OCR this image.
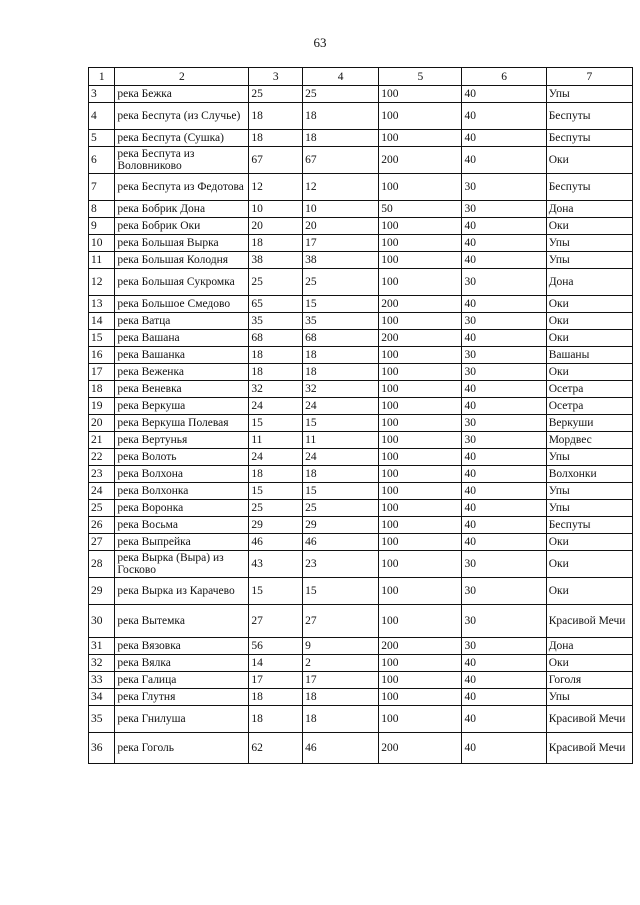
63
1	2	3	4	5	6	7
3	река Бежка	25	25	100	40	Упы
4	река Беспута (из Случье)	18	18	100	40	Беспуты
5	река Беспута (Сушка)	18	18	100	40	Беспуты
6	река Беспута из Воловниково	67	67	200	40	Оки
7	река Беспута из Федотова	12	12	100	30	Беспуты
8	река Бобрик Дона	10	10	50	30	Дона
9	река Бобрик Оки	20	20	100	40	Оки
10	река Большая Вырка	18	17	100	40	Упы
11	река Большая Колодня	38	38	100	40	Упы
12	река Большая Сукромка	25	25	100	30	Дона
13	река Большое Смедово	65	15	200	40	Оки
14	река Ватца	35	35	100	30	Оки
15	река Вашана	68	68	200	40	Оки
16	река Вашанка	18	18	100	30	Вашаны
17	река Веженка	18	18	100	30	Оки
18	река Веневка	32	32	100	40	Осетра
19	река Веркуша	24	24	100	40	Осетра
20	река Веркуша Полевая	15	15	100	30	Веркуши
21	река Вертунья	11	11	100	30	Мордвес
22	река Волоть	24	24	100	40	Упы
23	река Волхона	18	18	100	40	Волхонки
24	река Волхонка	15	15	100	40	Упы
25	река Воронка	25	25	100	40	Упы
26	река Восьма	29	29	100	40	Беспуты
27	река Выпрейка	46	46	100	40	Оки
28	река Вырка (Выра) из Госково	43	23	100	30	Оки
29	река Вырка из Карачево	15	15	100	30	Оки
30	река Вытемка	27	27	100	30	Красивой Мечи
31	река Вязовка	56	9	200	30	Дона
32	река Вялка	14	2	100	40	Оки
33	река Галица	17	17	100	40	Гоголя
34	река Глутня	18	18	100	40	Упы
35	река Гнилуша	18	18	100	40	Красивой Мечи
36	река Гоголь	62	46	200	40	Красивой Мечи
